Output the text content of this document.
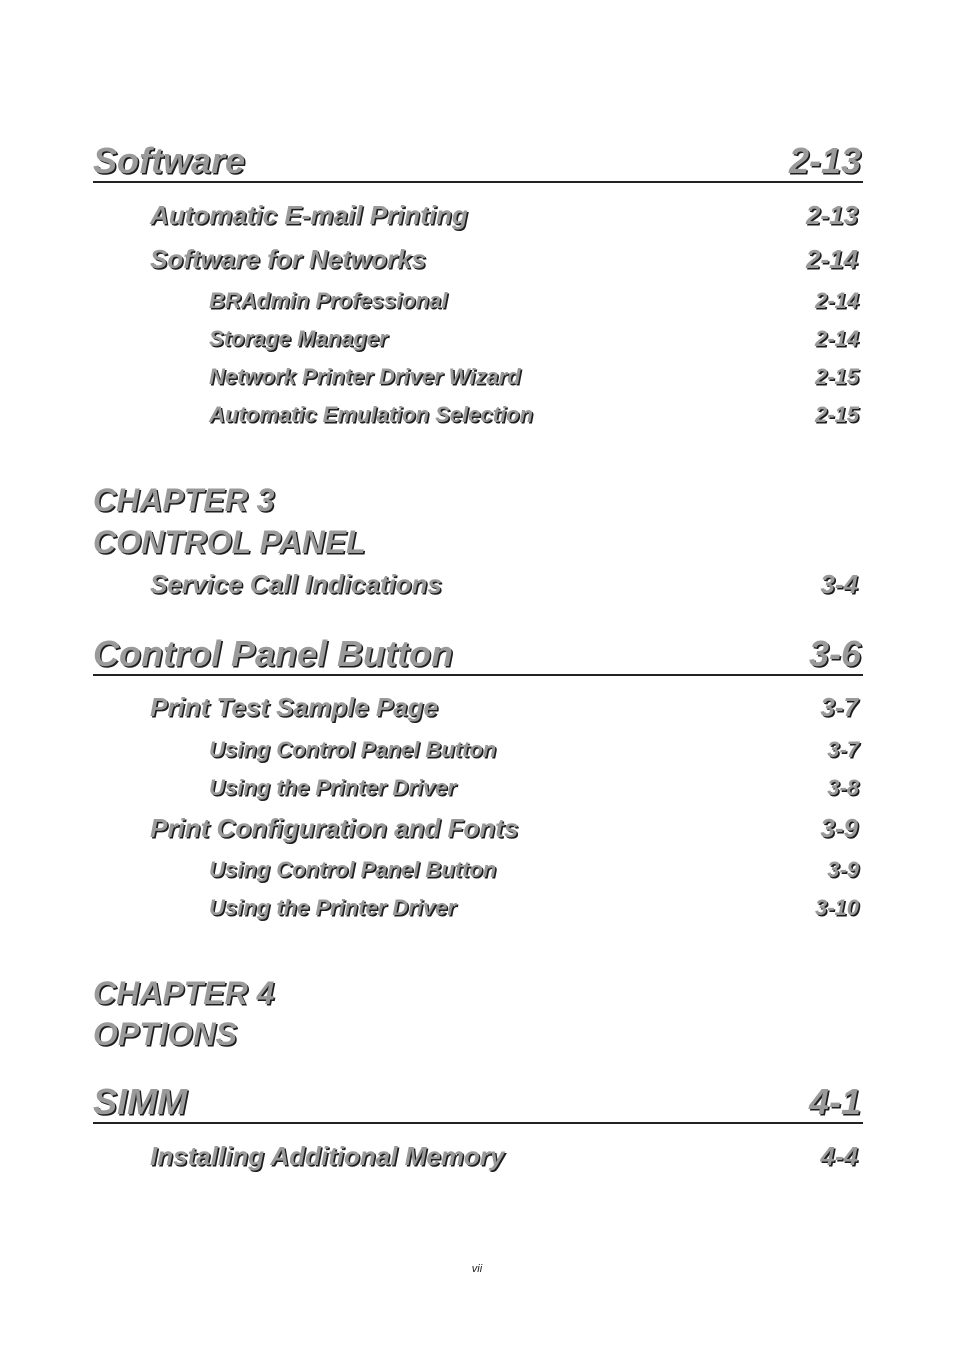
Software	2-13
Automatic E-mail Printing	2-13
Software for Networks	2-14
BRAdmin Professional	2-14
Storage Manager	2-14
Network Printer Driver Wizard	2-15
Automatic Emulation Selection	2-15
CHAPTER 3
CONTROL PANEL
Service Call Indications	3-4
Control Panel Button	3-6
Print Test Sample Page	3-7
Using Control Panel Button	3-7
Using the Printer Driver	3-8
Print Configuration and Fonts	3-9
Using Control Panel Button	3-9
Using the Printer Driver	3-10
CHAPTER 4
OPTIONS
SIMM	4-1
Installing Additional Memory	4-4
vii
